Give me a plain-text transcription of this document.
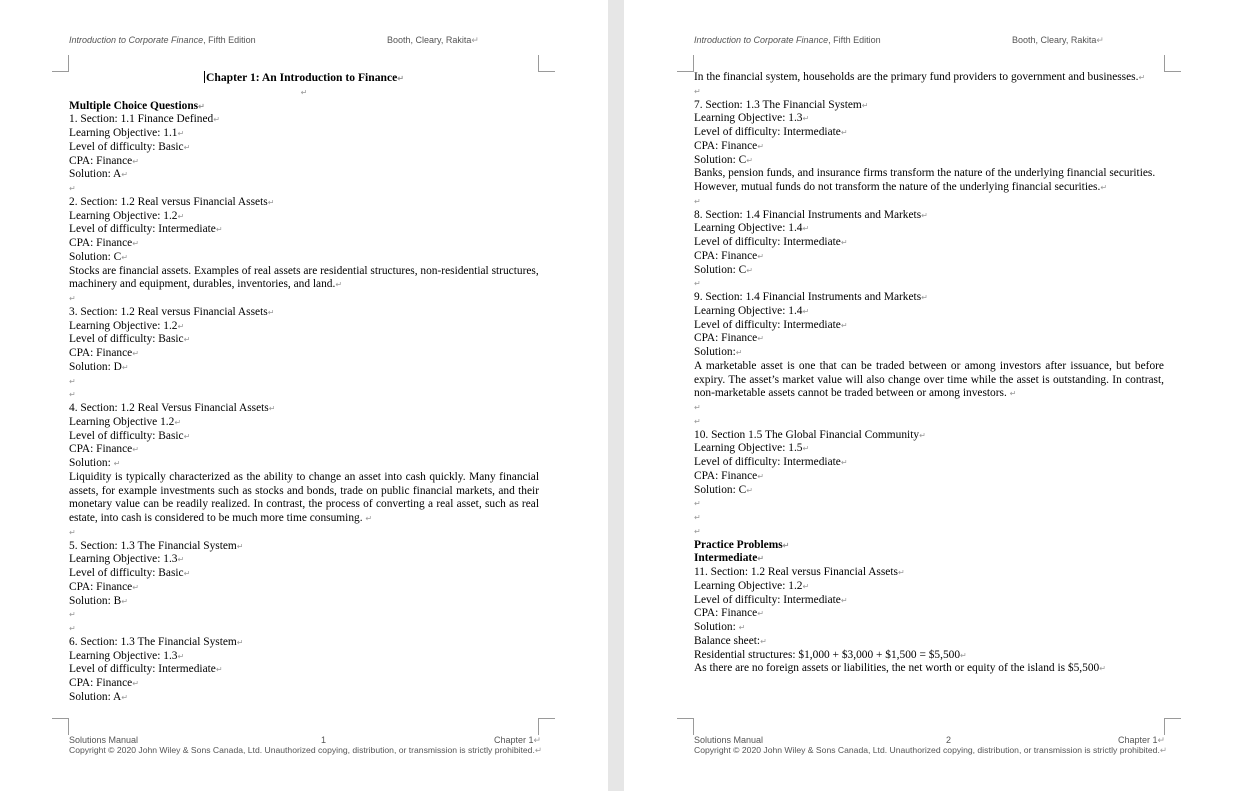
Introduction to Corporate Finance, Fifth Edition	Booth, Cleary, Rakita↵
Chapter 1: An Introduction to Finance ↵
↵
Multiple Choice Questions ↵
1. Section: 1.1 Finance Defined ↵
Learning Objective: 1.1 ↵
Level of difficulty: Basic ↵
CPA: Finance ↵
Solution: A ↵
↵
2. Section: 1.2 Real versus Financial Assets ↵
Learning Objective: 1.2 ↵
Level of difficulty: Intermediate ↵
CPA: Finance ↵
Solution: C ↵
Stocks are financial assets. Examples of real assets are residential structures, non-residential structures, machinery and equipment, durables, inventories, and land. ↵
↵
3. Section: 1.2 Real versus Financial Assets ↵
Learning Objective: 1.2 ↵
Level of difficulty: Basic ↵
CPA: Finance ↵
Solution: D ↵
↵
↵
4. Section: 1.2 Real Versus Financial Assets ↵
Learning Objective 1.2 ↵
Level of difficulty: Basic ↵
CPA: Finance ↵
Solution: ↵
Liquidity is typically characterized as the ability to change an asset into cash quickly. Many financial assets, for example investments such as stocks and bonds, trade on public financial markets, and their monetary value can be readily realized. In contrast, the process of converting a real asset, such as real estate, into cash is considered to be much more time consuming. ↵
↵
5. Section: 1.3 The Financial System ↵
Learning Objective: 1.3 ↵
Level of difficulty: Basic ↵
CPA: Finance ↵
Solution: B ↵
↵
↵
6. Section: 1.3 The Financial System ↵
Learning Objective: 1.3 ↵
Level of difficulty: Intermediate ↵
CPA: Finance ↵
Solution: A ↵
Solutions Manual	1	Chapter 1↵
Copyright © 2020 John Wiley & Sons Canada, Ltd. Unauthorized copying, distribution, or transmission is strictly prohibited.↵
Introduction to Corporate Finance, Fifth Edition	Booth, Cleary, Rakita↵
In the financial system, households are the primary fund providers to government and businesses. ↵
↵
7. Section: 1.3 The Financial System ↵
Learning Objective: 1.3 ↵
Level of difficulty: Intermediate ↵
CPA: Finance ↵
Solution: C ↵
Banks, pension funds, and insurance firms transform the nature of the underlying financial securities. However, mutual funds do not transform the nature of the underlying financial securities. ↵
↵
8. Section: 1.4 Financial Instruments and Markets ↵
Learning Objective: 1.4 ↵
Level of difficulty: Intermediate ↵
CPA: Finance ↵
Solution: C ↵
↵
9. Section: 1.4 Financial Instruments and Markets ↵
Learning Objective: 1.4 ↵
Level of difficulty: Intermediate ↵
CPA: Finance ↵
Solution: ↵
A marketable asset is one that can be traded between or among investors after issuance, but before expiry. The asset’s market value will also change over time while the asset is outstanding. In contrast, non-marketable assets cannot be traded between or among investors. ↵
↵
↵
10. Section 1.5 The Global Financial Community ↵
Learning Objective: 1.5 ↵
Level of difficulty: Intermediate ↵
CPA: Finance ↵
Solution: C ↵
↵
↵
↵
Practice Problems ↵
Intermediate ↵
11. Section: 1.2 Real versus Financial Assets ↵
Learning Objective: 1.2 ↵
Level of difficulty: Intermediate ↵
CPA: Finance ↵
Solution: ↵
Balance sheet: ↵
Residential structures: $1,000 + $3,000 + $1,500 = $5,500 ↵
As there are no foreign assets or liabilities, the net worth or equity of the island is $5,500 ↵
Solutions Manual	2	Chapter 1↵
Copyright © 2020 John Wiley & Sons Canada, Ltd. Unauthorized copying, distribution, or transmission is strictly prohibited.↵
